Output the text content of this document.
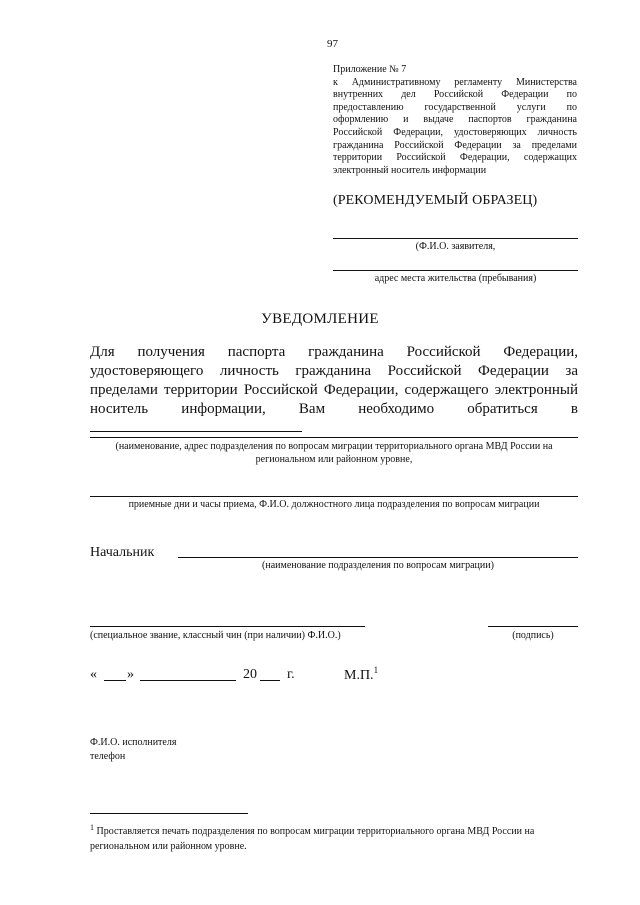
97
Приложение № 7
к Административному регламенту Министерства внутренних дел Российской Федерации по предоставлению государственной услуги по оформлению и выдаче паспортов гражданина Российской Федерации, удостоверяющих личность гражданина Российской Федерации за пределами территории Российской Федерации, содержащих электронный носитель информации
(РЕКОМЕНДУЕМЫЙ ОБРАЗЕЦ)
(Ф.И.О. заявителя,
адрес места жительства (пребывания)
УВЕДОМЛЕНИЕ
Для получения паспорта гражданина Российской Федерации, удостоверяющего личность гражданина Российской Федерации за пределами территории Российской Федерации, содержащего электронный носитель информации, Вам необходимо обратиться в
(наименование, адрес подразделения по вопросам миграции территориального органа МВД России на региональном или районном уровне,
приемные дни и часы приема, Ф.И.О. должностного лица подразделения по вопросам миграции
Начальник
(наименование подразделения по вопросам миграции)
(специальное звание, классный чин (при наличии) Ф.И.О.)	(подпись)
« »	20 г.	М.П.$^1$
Ф.И.О. исполнителя
телефон
$^1$ Проставляется печать подразделения по вопросам миграции территориального органа МВД России на региональном или районном уровне.
